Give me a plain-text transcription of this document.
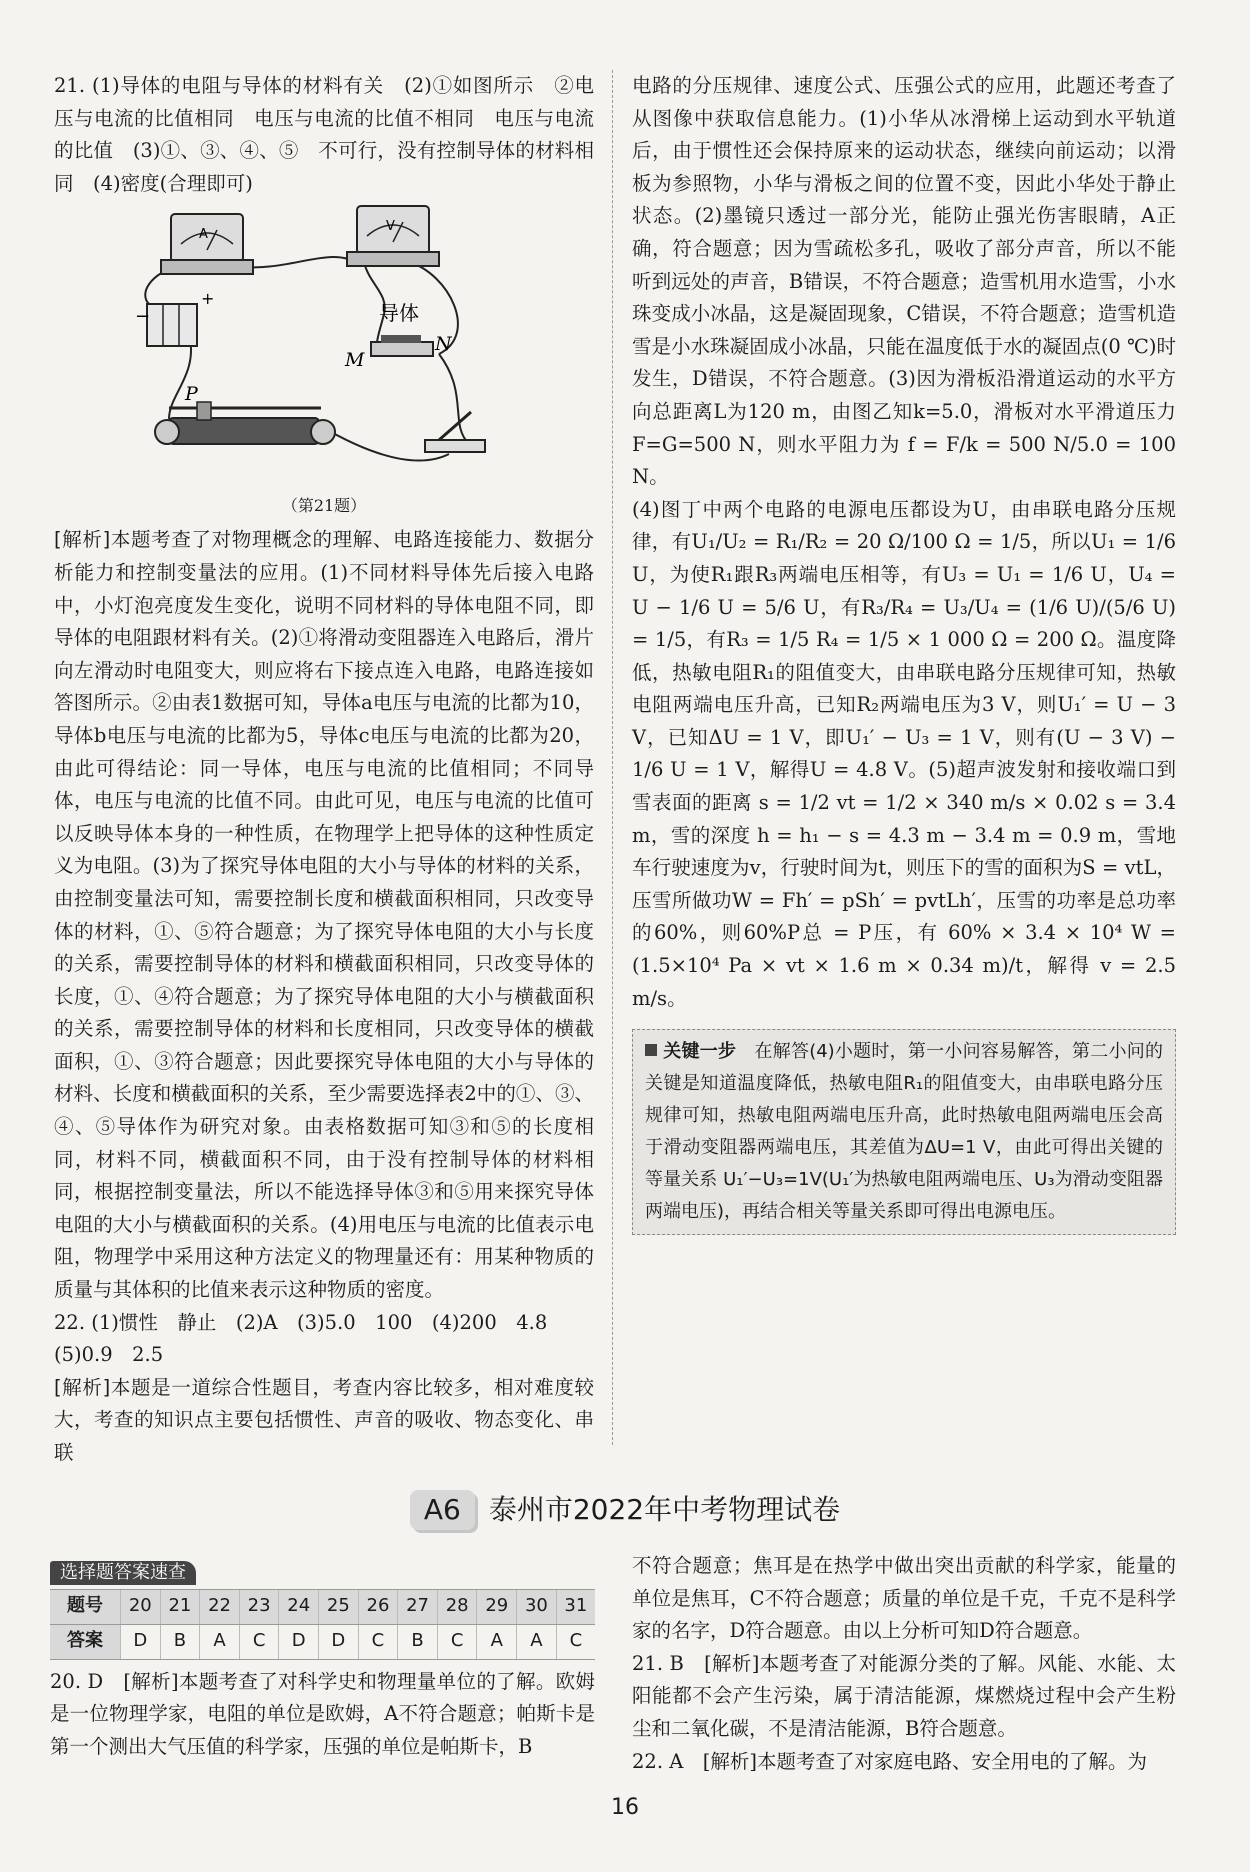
21. (1)导体的电阻与导体的材料有关　(2)①如图所示　②电压与电流的比值相同　电压与电流的比值不相同　电压与电流的比值　(3)①、③、④、⑤　不可行，没有控制导体的材料相同　(4)密度(合理即可)

A
V
−
+
导体
M
N
P
（第21题）

[解析]本题考查了对物理概念的理解、电路连接能力、数据分析能力和控制变量法的应用。(1)不同材料导体先后接入电路中，小灯泡亮度发生变化，说明不同材料的导体电阻不同，即导体的电阻跟材料有关。(2)①将滑动变阻器连入电路后，滑片向左滑动时电阻变大，则应将右下接点连入电路，电路连接如答图所示。②由表1数据可知，导体a电压与电流的比都为10，导体b电压与电流的比都为5，导体c电压与电流的比都为20，由此可得结论：同一导体，电压与电流的比值相同；不同导体，电压与电流的比值不同。由此可见，电压与电流的比值可以反映导体本身的一种性质，在物理学上把导体的这种性质定义为电阻。(3)为了探究导体电阻的大小与导体的材料的关系，由控制变量法可知，需要控制长度和横截面积相同，只改变导体的材料，①、⑤符合题意；为了探究导体电阻的大小与长度的关系，需要控制导体的材料和横截面积相同，只改变导体的长度，①、④符合题意；为了探究导体电阻的大小与横截面积的关系，需要控制导体的材料和长度相同，只改变导体的横截面积，①、③符合题意；因此要探究导体电阻的大小与导体的材料、长度和横截面积的关系，至少需要选择表2中的①、③、④、⑤导体作为研究对象。由表格数据可知③和⑤的长度相同，材料不同，横截面积不同，由于没有控制导体的材料相同，根据控制变量法，所以不能选择导体③和⑤用来探究导体电阻的大小与横截面积的关系。(4)用电压与电流的比值表示电阻，物理学中采用这种方法定义的物理量还有：用某种物质的质量与其体积的比值来表示这种物质的密度。

22. (1)惯性　静止　(2)A　(3)5.0　100　(4)200　4.8

(5)0.9　2.5

[解析]本题是一道综合性题目，考查内容比较多，相对难度较大，考查的知识点主要包括惯性、声音的吸收、物态变化、串联

电路的分压规律、速度公式、压强公式的应用，此题还考查了从图像中获取信息能力。(1)小华从冰滑梯上运动到水平轨道后，由于惯性还会保持原来的运动状态，继续向前运动；以滑板为参照物，小华与滑板之间的位置不变，因此小华处于静止状态。(2)墨镜只透过一部分光，能防止强光伤害眼睛，A正确，符合题意；因为雪疏松多孔，吸收了部分声音，所以不能听到远处的声音，B错误，不符合题意；造雪机用水造雪，小水珠变成小冰晶，这是凝固现象，C错误，不符合题意；造雪机造雪是小水珠凝固成小冰晶，只能在温度低于水的凝固点(0 ℃)时发生，D错误，不符合题意。(3)因为滑板沿滑道运动的水平方向总距离L为120 m，由图乙知k=5.0，滑板对水平滑道压力F=G=500 N，则水平阻力为 f = F/k = 500 N/5.0 = 100 N。

(4)图丁中两个电路的电源电压都设为U，由串联电路分压规律，有U₁/U₂ = R₁/R₂ = 20 Ω/100 Ω = 1/5，所以U₁ = 1/6 U，为使R₁跟R₃两端电压相等，有U₃ = U₁ = 1/6 U，U₄ = U − 1/6 U = 5/6 U，有R₃/R₄ = U₃/U₄ = (1/6 U)/(5/6 U) = 1/5，有R₃ = 1/5 R₄ = 1/5 × 1 000 Ω = 200 Ω。温度降低，热敏电阻R₁的阻值变大，由串联电路分压规律可知，热敏电阻两端电压升高，已知R₂两端电压为3 V，则U₁′ = U − 3 V，已知ΔU = 1 V，即U₁′ − U₃ = 1 V，则有(U − 3 V) − 1/6 U = 1 V，解得U = 4.8 V。(5)超声波发射和接收端口到雪表面的距离 s = 1/2 vt = 1/2 × 340 m/s × 0.02 s = 3.4 m，雪的深度 h = h₁ − s = 4.3 m − 3.4 m = 0.9 m，雪地车行驶速度为v，行驶时间为t，则压下的雪的面积为S = vtL，压雪所做功W = Fh′ = pSh′ = pvtLh′，压雪的功率是总功率的60%，则60%P总 = P压，有 60% × 3.4 × 10⁴ W = (1.5×10⁴ Pa × vt × 1.6 m × 0.34 m)/t，解得 v = 2.5 m/s。

关键一步　 在解答(4)小题时，第一小问容易解答，第二小问的关键是知道温度降低，热敏电阻R₁的阻值变大，由串联电路分压规律可知，热敏电阻两端电压升高，此时热敏电阻两端电压会高于滑动变阻器两端电压，其差值为ΔU=1 V，由此可得出关键的等量关系 U₁′−U₃=1V(U₁′为热敏电阻两端电压、U₃为滑动变阻器两端电压)，再结合相关等量关系即可得出电源电压。
A6 泰州市2022年中考物理试卷
选择题答案速查
题号	20	21	22	23	24	25	26	27	28	29	30	31
答案	D	B	A	C	D	D	C	B	C	A	A	C

20. D　[解析]本题考查了对科学史和物理量单位的了解。欧姆是一位物理学家，电阻的单位是欧姆，A不符合题意；帕斯卡是第一个测出大气压值的科学家，压强的单位是帕斯卡，B

不符合题意；焦耳是在热学中做出突出贡献的科学家，能量的单位是焦耳，C不符合题意；质量的单位是千克，千克不是科学家的名字，D符合题意。由以上分析可知D符合题意。

21. B　[解析]本题考查了对能源分类的了解。风能、水能、太阳能都不会产生污染，属于清洁能源，煤燃烧过程中会产生粉尘和二氧化碳，不是清洁能源，B符合题意。

22. A　[解析]本题考查了对家庭电路、安全用电的了解。为

16
